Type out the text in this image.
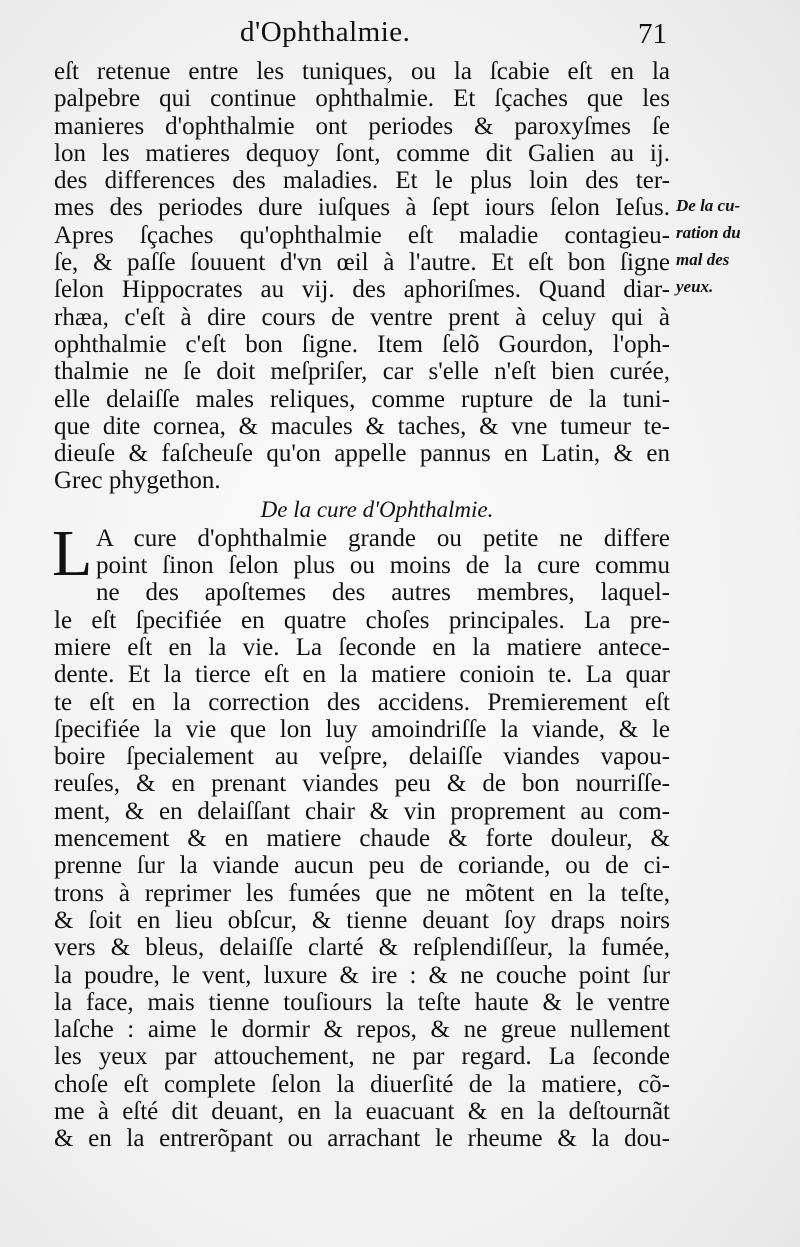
d'Ophthalmie.	71
eſt retenue entre les tuniques, ou la ſcabie eſt en la
palpebre qui continue ophthalmie. Et ſçaches que les
manieres d'ophthalmie ont periodes & paroxyſmes ſe
lon les matieres dequoy ſont, comme dit Galien au ij.
des differences des maladies. Et le plus loin des ter-
mes des periodes dure iuſques à ſept iours ſelon Ieſus.
Apres ſçaches qu'ophthalmie eſt maladie contagieu-
ſe, & paſſe ſouuent d'vn œil à l'autre. Et eſt bon ſigne
ſelon Hippocrates au vij. des aphoriſmes. Quand diar-
rhæa, c'eſt à dire cours de ventre prent à celuy qui à
ophthalmie c'eſt bon ſigne. Item ſelõ Gourdon, l'oph-
thalmie ne ſe doit meſpriſer, car s'elle n'eſt bien curée,
elle delaiſſe males reliques, comme rupture de la tuni-
que dite cornea, & macules & taches, & vne tumeur te-
dieuſe & faſcheuſe qu'on appelle pannus en Latin, & en
Grec phygethon.
De la cure d'Ophthalmie.
L A cure d'ophthalmie grande ou petite ne differe
point ſinon ſelon plus ou moins de la cure commu
ne des apoſtemes des autres membres, laquel-
le eſt ſpecifiée en quatre choſes principales. La pre-
miere eſt en la vie. La ſeconde en la matiere antece-
dente. Et la tierce eſt en la matiere conioin te. La quar
te eſt en la correction des accidens. Premierement eſt
ſpecifiée la vie que lon luy amoindriſſe la viande, & le
boire ſpecialement au veſpre, delaiſſe viandes vapou-
reuſes, & en prenant viandes peu & de bon nourriſſe-
ment, & en delaiſſant chair & vin proprement au com-
mencement & en matiere chaude & forte douleur, &
prenne ſur la viande aucun peu de coriande, ou de ci-
trons à reprimer les fumées que ne mõtent en la teſte,
& ſoit en lieu obſcur, & tienne deuant ſoy draps noirs
vers & bleus, delaiſſe clarté & reſplendiſſeur, la fumée,
la poudre, le vent, luxure & ire : & ne couche point ſur
la face, mais tienne touſiours la teſte haute & le ventre
laſche : aime le dormir & repos, & ne greue nullement
les yeux par attouchement, ne par regard. La ſeconde
choſe eſt complete ſelon la diuerſité de la matiere, cõ-
me à eſté dit deuant, en la euacuant & en la deſtournãt
& en la entrerõpant ou arrachant le rheume & la dou-
De la cu-
ration du
mal des
yeux.
